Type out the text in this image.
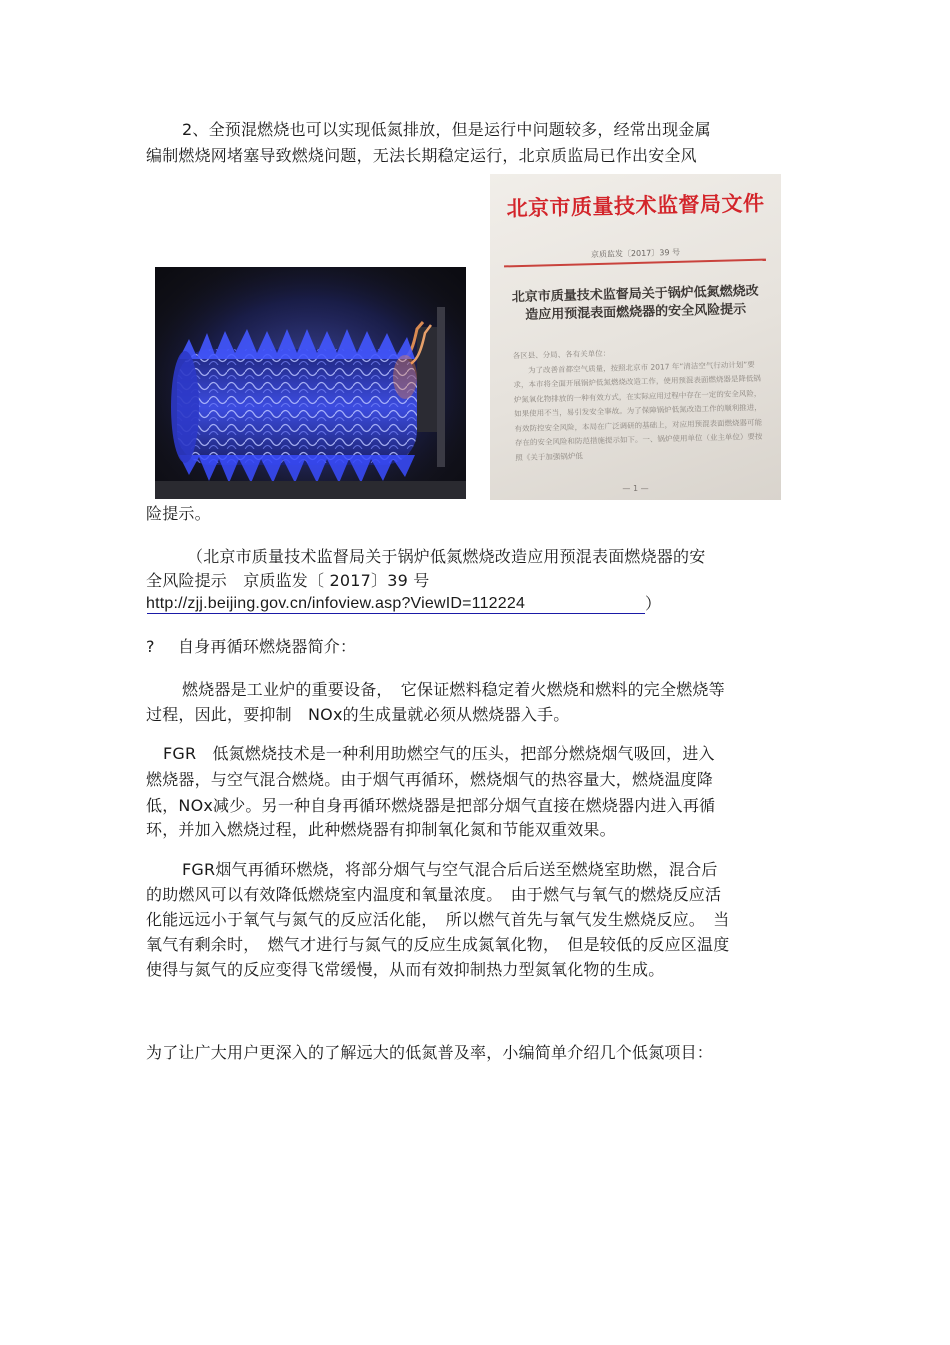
2、全预混燃烧也可以实现低氮排放，但是运行中问题较多，经常出现金属
编制燃烧网堵塞导致燃烧问题，无法长期稳定运行，北京质监局已作出安全风
北京市质量技术监督局文件
京质监发〔2017〕39 号
北京市质量技术监督局关于锅炉低氮燃烧改造应用预混表面燃烧器的安全风险提示
各区县、分局、各有关单位：
为了改善首都空气质量，按照北京市 2017 年“清洁空气行动计划”要求，本市将全面开展锅炉低氮燃烧改造工作，使用预混表面燃烧器是降低锅炉氮氧化物排放的一种有效方式，在实际应用过程中存在一定的安全风险，如果使用不当，易引发安全事故。为了保障锅炉低氮改造工作的顺利推进，有效防控安全风险，本局在广泛调研的基础上，对应用预混表面燃烧器可能存在的安全风险和防范措施提示如下。一、锅炉使用单位（业主单位）要按照《关于加强锅炉低
— 1 —
险提示。
（北京市质量技术监督局关于锅炉低氮燃烧改造应用预混表面燃烧器的安
全风险提示　京质监发〔 2017〕39 号
http://zjj.beijing.gov.cn/infoview.asp?ViewID=112224	）
? 自身再循环燃烧器简介：
燃烧器是工业炉的重要设备，　它保证燃料稳定着火燃烧和燃料的完全燃烧等
过程，因此，要抑制　NOx的生成量就必须从燃烧器入手。
FGR　低氮燃烧技术是一种利用助燃空气的压头，把部分燃烧烟气吸回，进入
燃烧器，与空气混合燃烧。由于烟气再循环，燃烧烟气的热容量大，燃烧温度降
低，NOx减少。另一种自身再循环燃烧器是把部分烟气直接在燃烧器内进入再循
环，并加入燃烧过程，此种燃烧器有抑制氧化氮和节能双重效果。
FGR烟气再循环燃烧，将部分烟气与空气混合后后送至燃烧室助燃，混合后
的助燃风可以有效降低燃烧室内温度和氧量浓度。　由于燃气与氧气的燃烧反应活
化能远远小于氧气与氮气的反应活化能，　所以燃气首先与氧气发生燃烧反应。　当
氧气有剩余时，　燃气才进行与氮气的反应生成氮氧化物，　但是较低的反应区温度
使得与氮气的反应变得飞常缓慢，从而有效抑制热力型氮氧化物的生成。
为了让广大用户更深入的了解远大的低氮普及率，小编简单介绍几个低氮项目：
